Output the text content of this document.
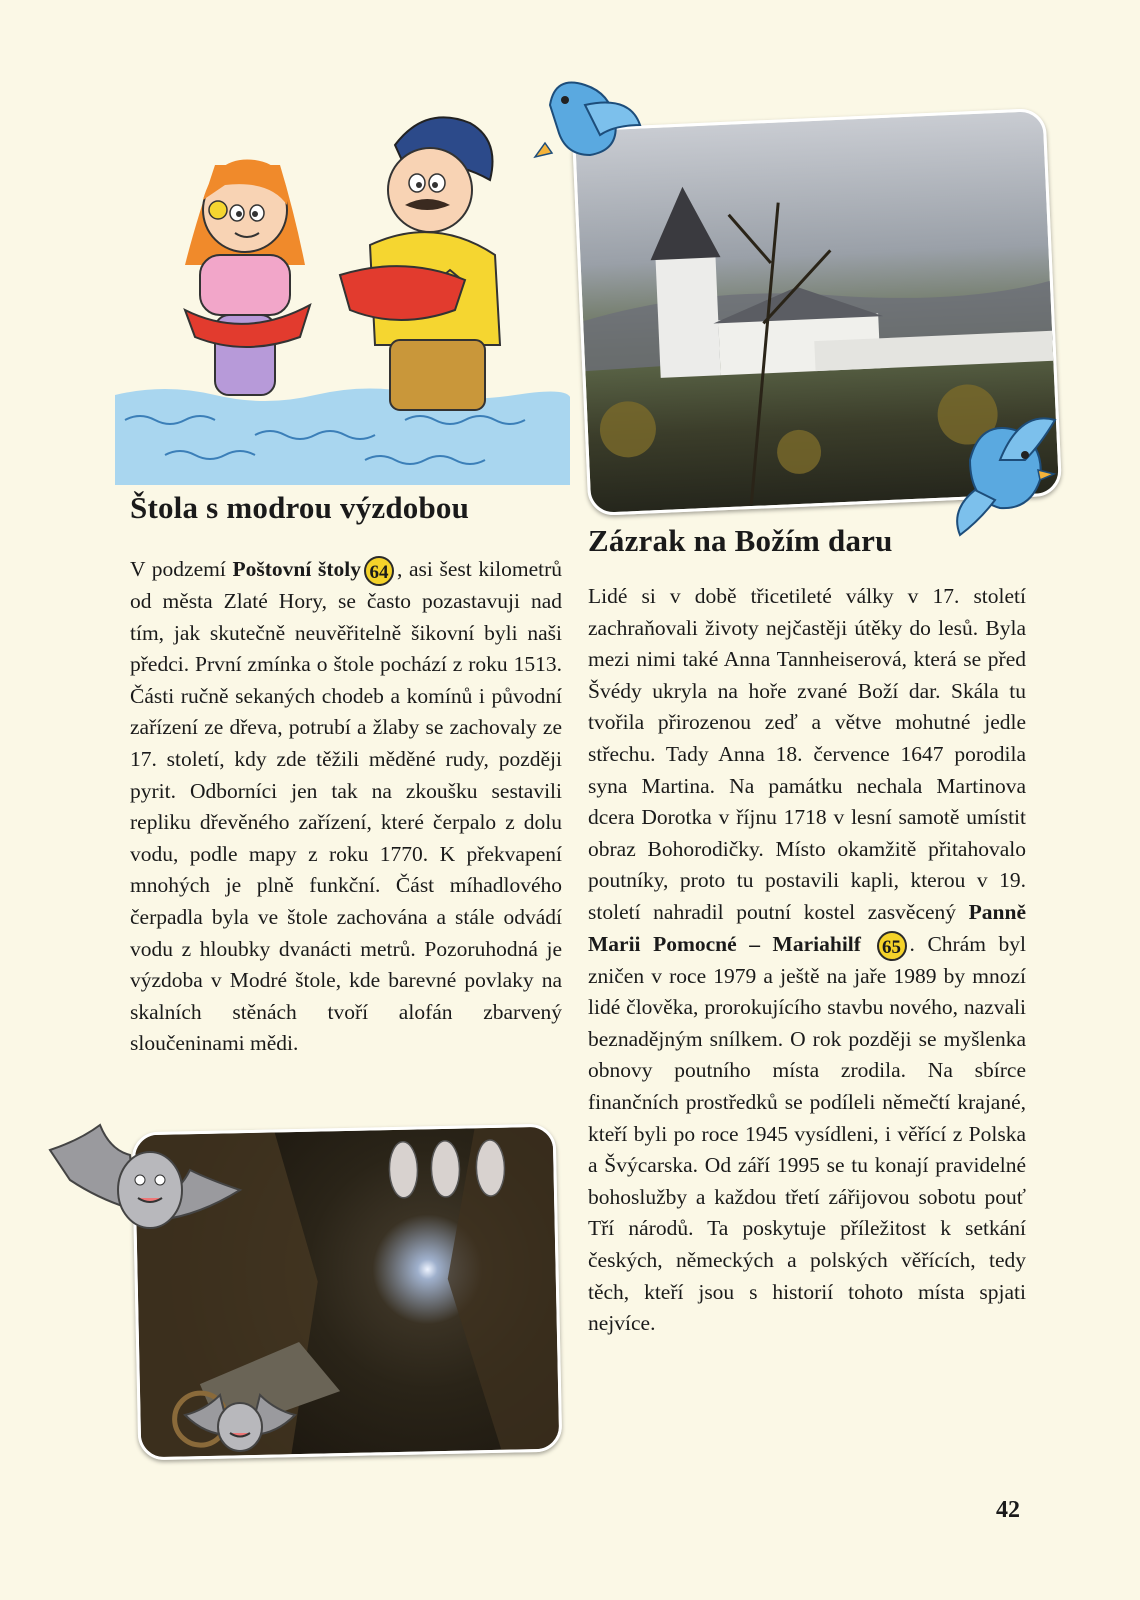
Štola s modrou výzdobou

V podzemí Poštovní štoly 64 , asi šest kilometrů od města Zlaté Hory, se často pozastavuji nad tím, jak skutečně neuvěřitelně šikovní byli naši předci. První zmínka o štole pochází z roku 1513. Části ručně sekaných chodeb a komínů i původní zařízení ze dřeva, potrubí a žlaby se zachovaly ze 17. století, kdy zde těžili měděné rudy, později pyrit. Odborníci jen tak na zkoušku sestavili repliku dřevěného zařízení, které čerpalo z dolu vodu, podle mapy z roku 1770. K překvapení mnohých je plně funkční. Část míhadlového čerpadla byla ve štole zachována a stále odvádí vodu z hloubky dvanácti metrů. Pozoruhodná je výzdoba v Modré štole, kde barevné povlaky na skalních stěnách tvoří alofán zbarvený sloučeninami mědi.

Zázrak na Božím daru

Lidé si v době třicetileté války v 17. století zachraňovali životy nejčastěji útěky do lesů. Byla mezi nimi také Anna Tannheiserová, která se před Švédy ukryla na hoře zvané Boží dar. Skála tu tvořila přirozenou zeď a větve mohutné jedle střechu. Tady Anna 18. července 1647 porodila syna Martina. Na památku nechala Martinova dcera Dorotka v říjnu 1718 v lesní samotě umístit obraz Bohorodičky. Místo okamžitě přitahovalo poutníky, proto tu postavili kapli, kterou v 19. století nahradil poutní kostel zasvěcený Panně Marii Pomocné – Mariahilf 65 . Chrám byl zničen v roce 1979 a ještě na jaře 1989 by mnozí lidé člověka, prorokujícího stavbu nového, nazvali beznadějným snílkem. O rok později se myšlenka obnovy poutního místa zrodila. Na sbírce finančních prostředků se podíleli němečtí krajané, kteří byli po roce 1945 vysídleni, i věřící z Polska a Švýcarska. Od září 1995 se tu konají pravidelné bohoslužby a každou třetí zářijovou sobotu pouť Tří národů. Ta poskytuje příležitost k setkání českých, německých a polských věřících, tedy těch, kteří jsou s historií tohoto místa spjati nejvíce.

42
